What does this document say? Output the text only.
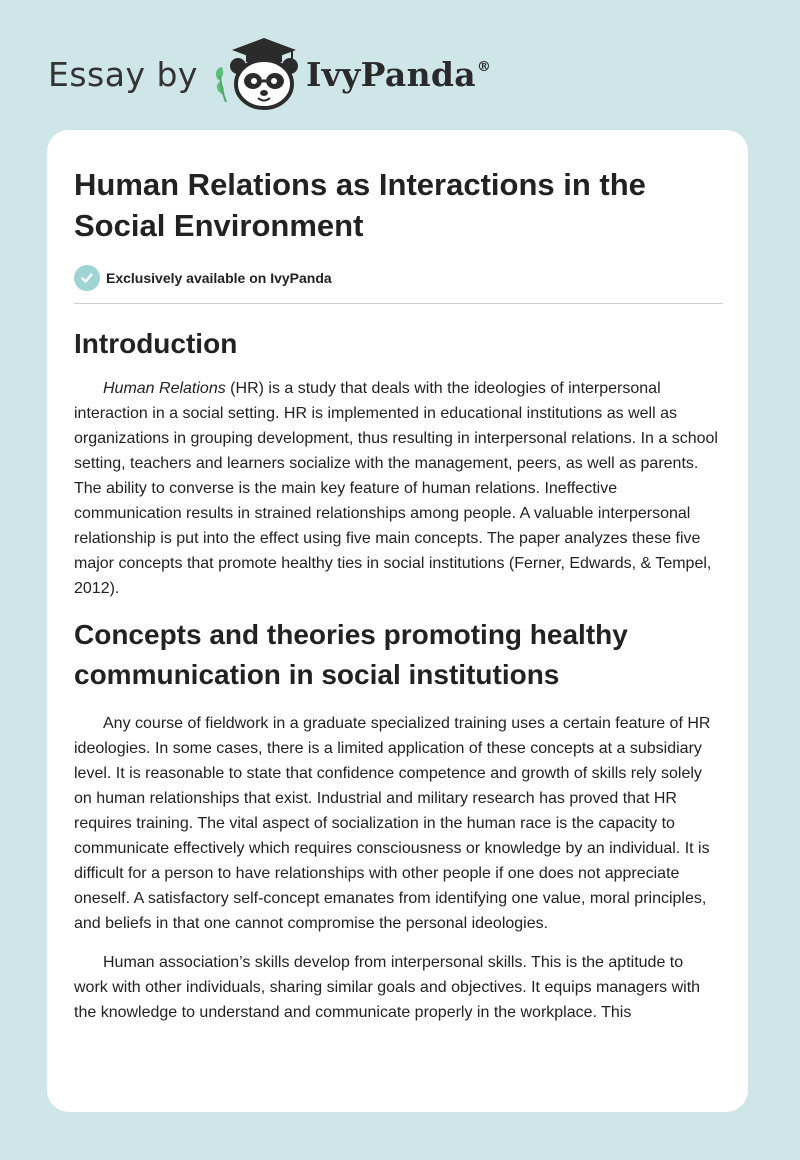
Essay by	IvyPanda®
Human Relations as Interactions in the Social Environment
Exclusively available on IvyPanda
Introduction

Human Relations (HR) is a study that deals with the ideologies of interpersonal interaction in a social setting. HR is implemented in educational institutions as well as organizations in grouping development, thus resulting in interpersonal relations. In a school setting, teachers and learners socialize with the management, peers, as well as parents. The ability to converse is the main key feature of human relations. Ineffective communication results in strained relationships among people. A valuable interpersonal relationship is put into the effect using five main concepts. The paper analyzes these five major concepts that promote healthy ties in social institutions (Ferner, Edwards, & Tempel, 2012).

Concepts and theories promoting healthy communication in social institutions

Any course of fieldwork in a graduate specialized training uses a certain feature of HR ideologies. In some cases, there is a limited application of these concepts at a subsidiary level. It is reasonable to state that confidence competence and growth of skills rely solely on human relationships that exist. Industrial and military research has proved that HR requires training. The vital aspect of socialization in the human race is the capacity to communicate effectively which requires consciousness or knowledge by an individual. It is difficult for a person to have relationships with other people if one does not appreciate oneself. A satisfactory self-concept emanates from identifying one value, moral principles, and beliefs in that one cannot compromise the personal ideologies.

Human association’s skills develop from interpersonal skills. This is the aptitude to work with other individuals, sharing similar goals and objectives. It equips managers with the knowledge to understand and communicate properly in the workplace. This
